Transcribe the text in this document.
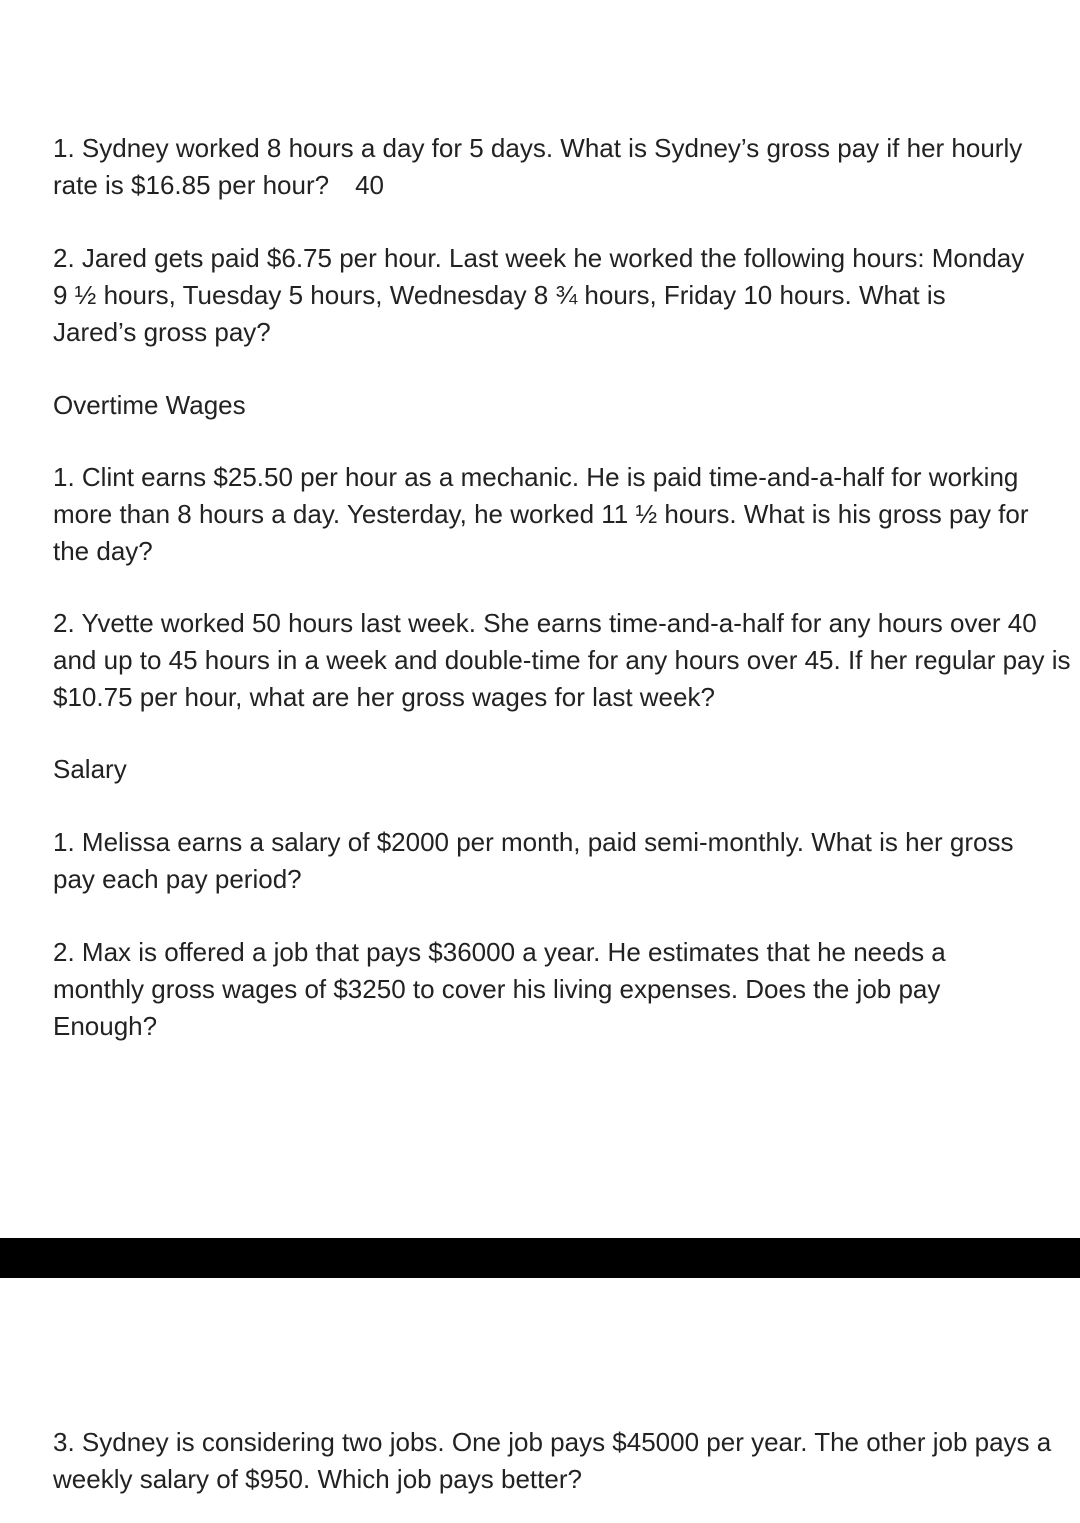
1. Sydney worked 8 hours a day for 5 days. What is Sydney’s gross pay if her hourly rate is $16.85 per hour? 40

2. Jared gets paid $6.75 per hour. Last week he worked the following hours: Monday 9 ½ hours, Tuesday 5 hours, Wednesday 8 ¾ hours, Friday 10 hours. What is Jared’s gross pay?

Overtime Wages

1. Clint earns $25.50 per hour as a mechanic. He is paid time-and-a-half for working more than 8 hours a day. Yesterday, he worked 11 ½ hours. What is his gross pay for the day?

2. Yvette worked 50 hours last week. She earns time-and-a-half for any hours over 40 and up to 45 hours in a week and double-time for any hours over 45. If her regular pay is $10.75 per hour, what are her gross wages for last week?

Salary

1. Melissa earns a salary of $2000 per month, paid semi-monthly. What is her gross pay each pay period?

2. Max is offered a job that pays $36000 a year. He estimates that he needs a monthly gross wages of $3250 to cover his living expenses. Does the job pay Enough?

3. Sydney is considering two jobs. One job pays $45000 per year. The other job pays a weekly salary of $950. Which job pays better?
